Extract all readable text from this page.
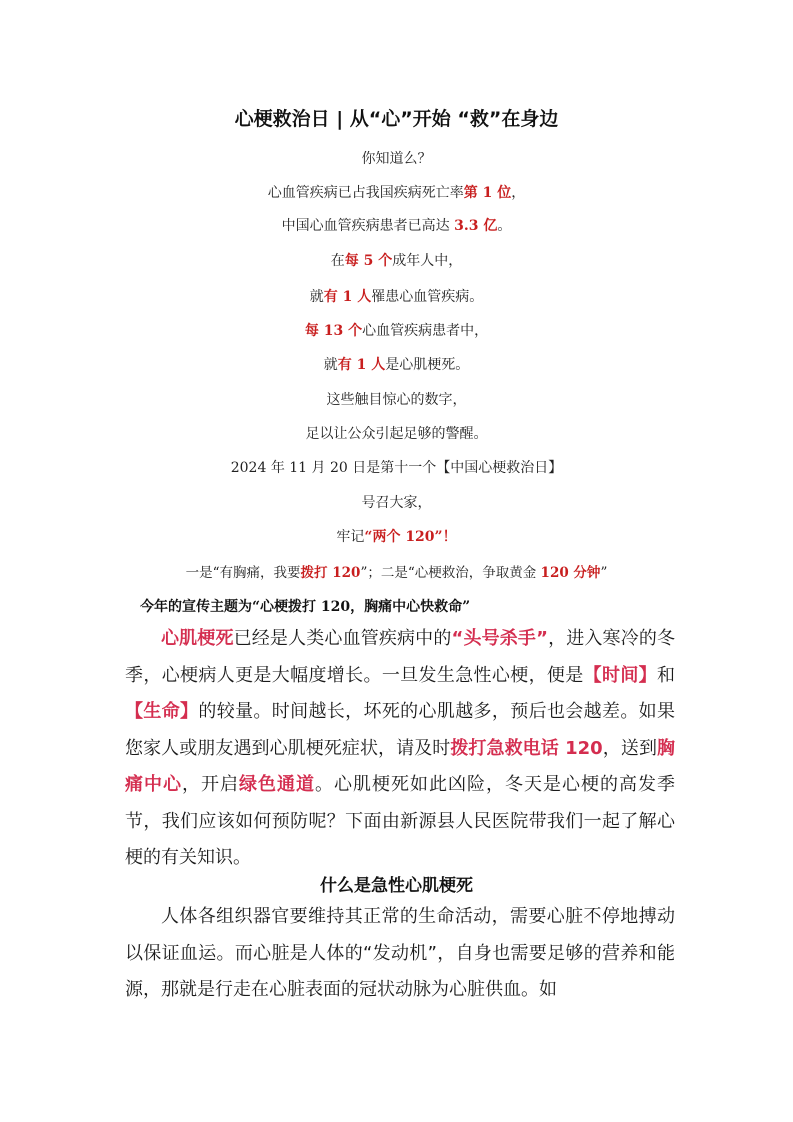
心梗救治日 | 从“心”开始 “救”在身边
你知道么？
心血管疾病已占我国疾病死亡率第 1 位，
中国心血管疾病患者已高达 3.3 亿。
在每 5 个成年人中，
就有 1 人罹患心血管疾病。
每 13 个心血管疾病患者中，
就有 1 人是心肌梗死。
这些触目惊心的数字，
足以让公众引起足够的警醒。
2024 年 11 月 20 日是第十一个【中国心梗救治日】
号召大家，
牢记“两个 120”！
一是“有胸痛，我要拨打 120”；二是“心梗救治，争取黄金 120 分钟”
今年的宣传主题为“心梗拨打 120，胸痛中心快救命”
心肌梗死已经是人类心血管疾病中的“头号杀手”，进入寒冷的冬季，心梗病人更是大幅度增长。一旦发生急性心梗，便是【时间】和【生命】的较量。时间越长，坏死的心肌越多，预后也会越差。如果您家人或朋友遇到心肌梗死症状，请及时拨打急救电话 120，送到胸痛中心，开启绿色通道。心肌梗死如此凶险，冬天是心梗的高发季节，我们应该如何预防呢？下面由新源县人民医院带我们一起了解心梗的有关知识。
什么是急性心肌梗死
人体各组织器官要维持其正常的生命活动，需要心脏不停地搏动以保证血运。而心脏是人体的“发动机”，自身也需要足够的营养和能源，那就是行走在心脏表面的冠状动脉为心脏供血。如
